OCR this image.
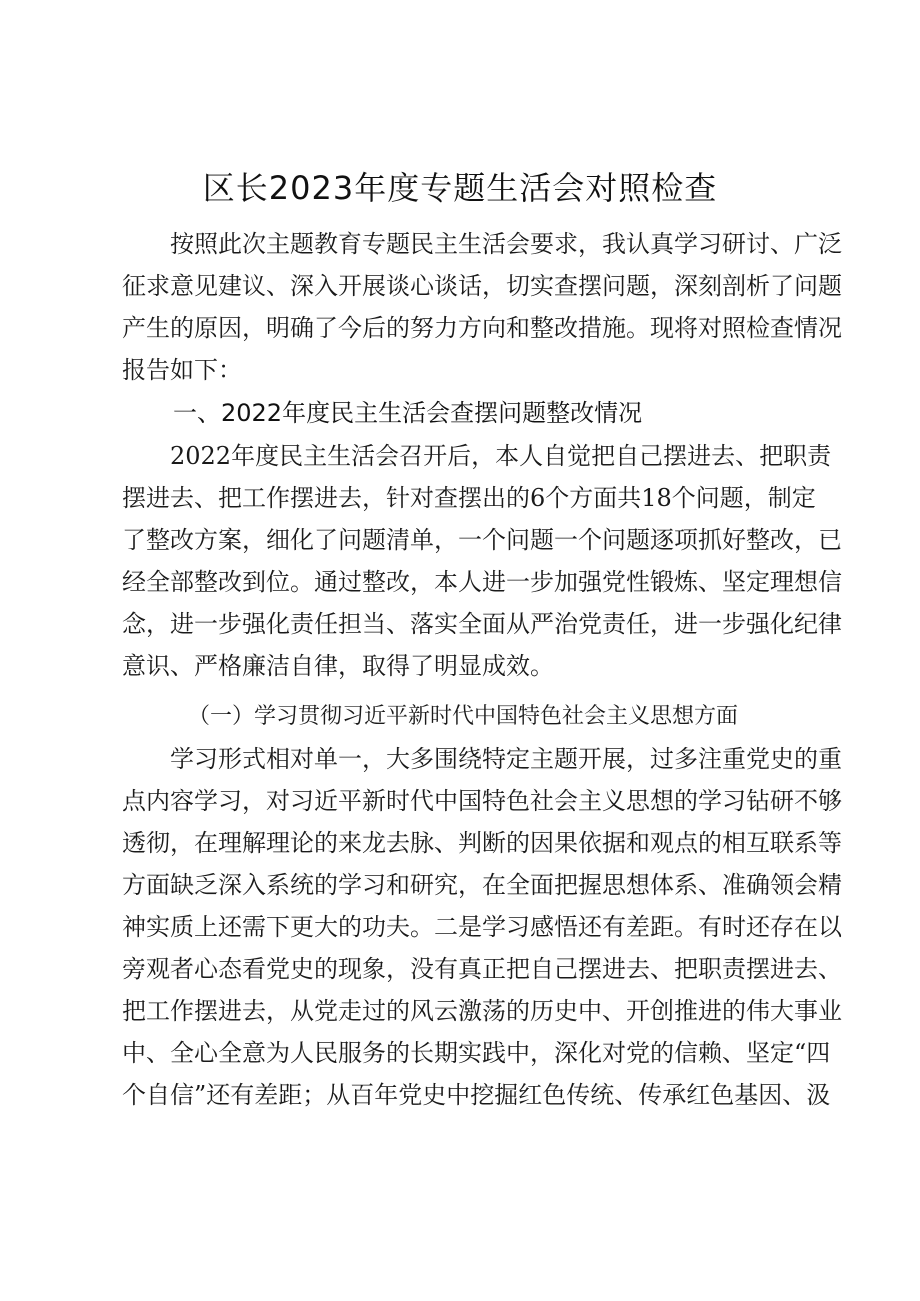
区长2023年度专题生活会对照检查
按照此次主题教育专题民主生活会要求，我认真学习研讨、广泛
征求意见建议、深入开展谈心谈话，切实查摆问题，深刻剖析了问题
产生的原因，明确了今后的努力方向和整改措施。现将对照检查情况
报告如下：
一、2022年度民主生活会查摆问题整改情况
2022年度民主生活会召开后，本人自觉把自己摆进去、把职责
摆进去、把工作摆进去，针对查摆出的6个方面共18个问题，制定
了整改方案，细化了问题清单，一个问题一个问题逐项抓好整改，已
经全部整改到位。通过整改，本人进一步加强党性锻炼、坚定理想信
念，进一步强化责任担当、落实全面从严治党责任，进一步强化纪律
意识、严格廉洁自律，取得了明显成效。
（一）学习贯彻习近平新时代中国特色社会主义思想方面
学习形式相对单一，大多围绕特定主题开展，过多注重党史的重
点内容学习，对习近平新时代中国特色社会主义思想的学习钻研不够
透彻，在理解理论的来龙去脉、判断的因果依据和观点的相互联系等
方面缺乏深入系统的学习和研究，在全面把握思想体系、准确领会精
神实质上还需下更大的功夫。二是学习感悟还有差距。有时还存在以
旁观者心态看党史的现象，没有真正把自己摆进去、把职责摆进去、
把工作摆进去，从党走过的风云激荡的历史中、开创推进的伟大事业
中、全心全意为人民服务的长期实践中，深化对党的信赖、坚定“四
个自信”还有差距；从百年党史中挖掘红色传统、传承红色基因、汲
